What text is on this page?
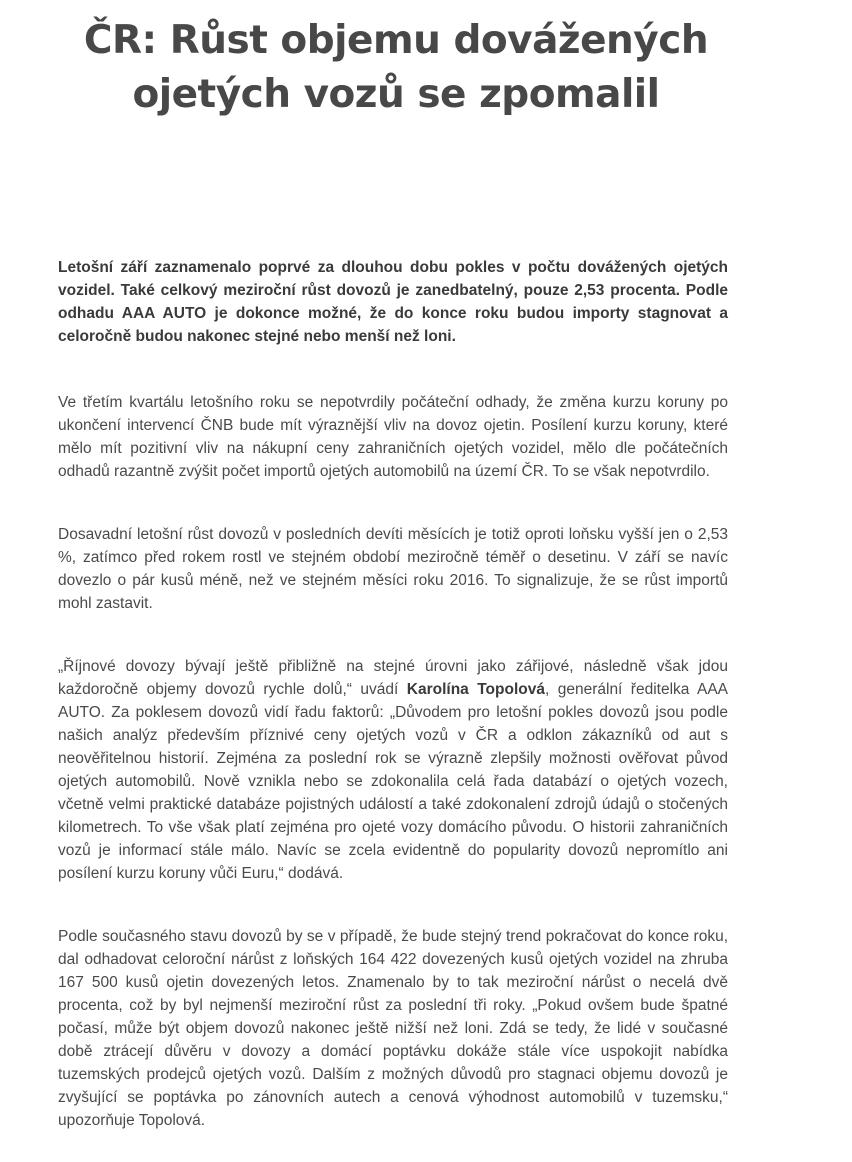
ČR: Růst objemu dovážených ojetých vozů se zpomalil

Letošní září zaznamenalo poprvé za dlouhou dobu pokles v počtu dovážených ojetých vozidel. Také celkový meziroční růst dovozů je zanedbatelný, pouze 2,53 procenta. Podle odhadu AAA AUTO je dokonce možné, že do konce roku budou importy stagnovat a celoročně budou nakonec stejné nebo menší než loni.

Ve třetím kvartálu letošního roku se nepotvrdily počáteční odhady, že změna kurzu koruny po ukončení intervencí ČNB bude mít výraznější vliv na dovoz ojetin. Posílení kurzu koruny, které mělo mít pozitivní vliv na nákupní ceny zahraničních ojetých vozidel, mělo dle počátečních odhadů razantně zvýšit počet importů ojetých automobilů na území ČR. To se však nepotvrdilo.

Dosavadní letošní růst dovozů v posledních devíti měsících je totiž oproti loňsku vyšší jen o 2,53 %, zatímco před rokem rostl ve stejném období meziročně téměř o desetinu. V září se navíc dovezlo o pár kusů méně, než ve stejném měsíci roku 2016. To signalizuje, že se růst importů mohl zastavit.

„Říjnové dovozy bývají ještě přibližně na stejné úrovni jako zářijové, následně však jdou každoročně objemy dovozů rychle dolů,“ uvádí Karolína Topolová, generální ředitelka AAA AUTO. Za poklesem dovozů vidí řadu faktorů: „Důvodem pro letošní pokles dovozů jsou podle našich analýz především příznivé ceny ojetých vozů v ČR a odklon zákazníků od aut s neověřitelnou historií. Zejména za poslední rok se výrazně zlepšily možnosti ověřovat původ ojetých automobilů. Nově vznikla nebo se zdokonalila celá řada databází o ojetých vozech, včetně velmi praktické databáze pojistných událostí a také zdokonalení zdrojů údajů o stočených kilometrech. To vše však platí zejména pro ojeté vozy domácího původu. O historii zahraničních vozů je informací stále málo. Navíc se zcela evidentně do popularity dovozů nepromítlo ani posílení kurzu koruny vůči Euru,“ dodává.

Podle současného stavu dovozů by se v případě, že bude stejný trend pokračovat do konce roku, dal odhadovat celoroční nárůst z loňských 164 422 dovezených kusů ojetých vozidel na zhruba 167 500 kusů ojetin dovezených letos. Znamenalo by to tak meziroční nárůst o necelá dvě procenta, což by byl nejmenší meziroční růst za poslední tři roky. „Pokud ovšem bude špatné počasí, může být objem dovozů nakonec ještě nižší než loni. Zdá se tedy, že lidé v současné době ztrácejí důvěru v dovozy a domácí poptávku dokáže stále více uspokojit nabídka tuzemských prodejců ojetých vozů. Dalším z možných důvodů pro stagnaci objemu dovozů je zvyšující se poptávka po zánovních autech a cenová výhodnost automobilů v tuzemsku,“ upozorňuje Topolová.
